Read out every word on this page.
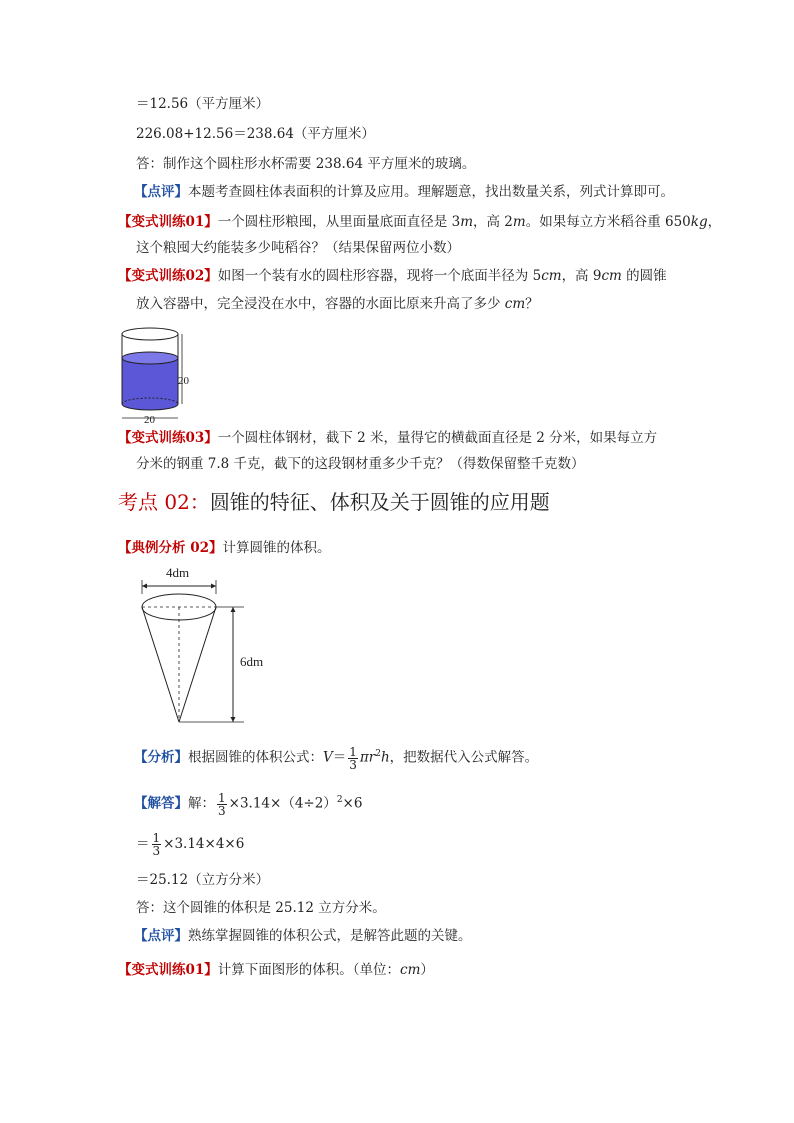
＝12.56（平方厘米）
226.08+12.56＝238.64（平方厘米）
答：制作这个圆柱形水杯需要 238.64 平方厘米的玻璃。
【点评】本题考查圆柱体表面积的计算及应用。理解题意，找出数量关系，列式计算即可。
【变式训练01】一个圆柱形粮囤，从里面量底面直径是 3m，高 2m。如果每立方米稻谷重 650kg，
这个粮囤大约能装多少吨稻谷？（结果保留两位小数）
【变式训练02】如图一个装有水的圆柱形容器，现将一个底面半径为 5cm，高 9cm 的圆锥
放入容器中，完全浸没在水中，容器的水面比原来升高了多少 cm？
20
20
【变式训练03】一个圆柱体钢材，截下 2 米，量得它的横截面直径是 2 分米，如果每立方
分米的钢重 7.8 千克，截下的这段钢材重多少千克？（得数保留整千克数）
考点 02：圆锥的特征、体积及关于圆锥的应用题
【典例分析 02】计算圆锥的体积。
4dm
6dm
【分析】根据圆锥的体积公式：$V= \frac{1}{3} \pi r^2h$，把数据代入公式解答。
【解答】解： $\frac{1}{3} \times 3.14\times(4\div 2)^2\times 6$
＝ $\frac{1}{3} \times 3.14\times 4\times 6$
＝25.12（立方分米）
答：这个圆锥的体积是 25.12 立方分米。
【点评】熟练掌握圆锥的体积公式，是解答此题的关键。
【变式训练01】计算下面图形的体积。（单位：cm）
